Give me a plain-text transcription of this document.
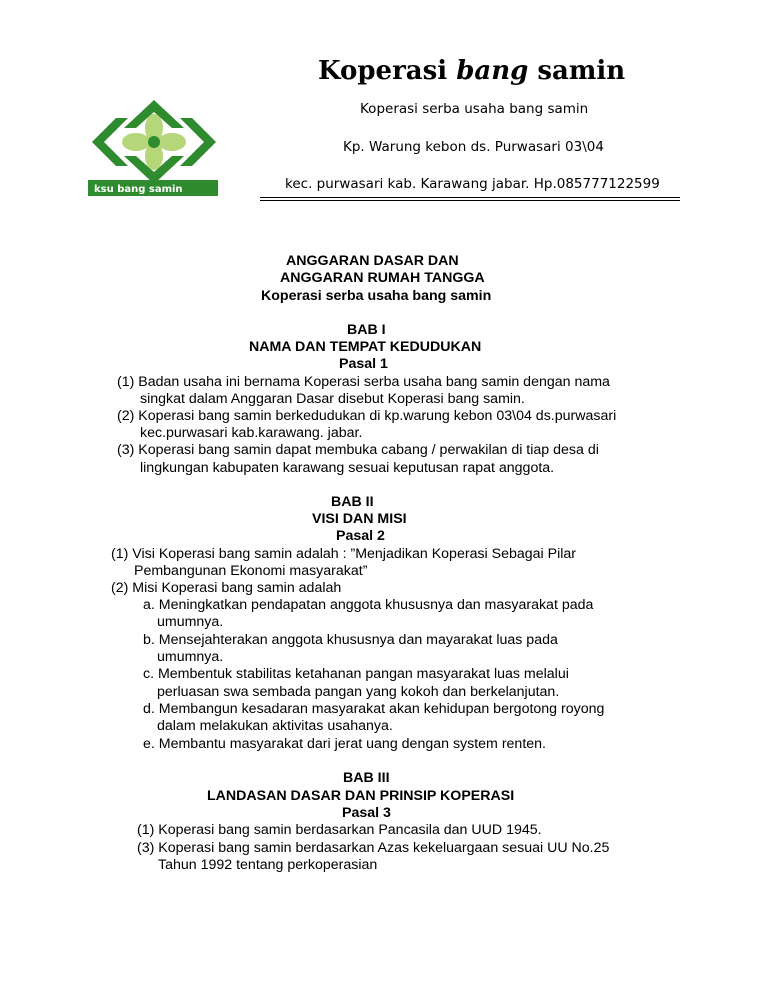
ksu bang samin
Koperasi bang samin
Koperasi serba usaha bang samin
Kp. Warung kebon ds. Purwasari 03\04
kec. purwasari kab. Karawang jabar. Hp.085777122599
ANGGARAN DASAR DAN
ANGGARAN RUMAH TANGGA
Koperasi serba usaha bang samin
BAB I
NAMA DAN TEMPAT KEDUDUKAN
Pasal 1
(1) Badan usaha ini bernama Koperasi serba usaha bang samin dengan nama
singkat dalam Anggaran Dasar disebut Koperasi bang samin.
(2) Koperasi bang samin berkedudukan di kp.warung kebon 03\04 ds.purwasari
kec.purwasari kab.karawang. jabar.
(3) Koperasi bang samin dapat membuka cabang / perwakilan di tiap desa di
lingkungan kabupaten karawang sesuai keputusan rapat anggota.
BAB II
VISI DAN MISI
Pasal 2
(1) Visi Koperasi bang samin adalah : ”Menjadikan Koperasi Sebagai Pilar
Pembangunan Ekonomi masyarakat”
(2) Misi Koperasi bang samin adalah
a. Meningkatkan pendapatan anggota khususnya dan masyarakat pada
umumnya.
b. Mensejahterakan anggota khususnya dan mayarakat luas pada
umumnya.
c. Membentuk stabilitas ketahanan pangan masyarakat luas melalui
perluasan swa sembada pangan yang kokoh dan berkelanjutan.
d. Membangun kesadaran masyarakat akan kehidupan bergotong royong
dalam melakukan aktivitas usahanya.
e. Membantu masyarakat dari jerat uang dengan system renten.
BAB III
LANDASAN DASAR DAN PRINSIP KOPERASI
Pasal 3
(1) Koperasi bang samin berdasarkan Pancasila dan UUD 1945.
(3) Koperasi bang samin berdasarkan Azas kekeluargaan sesuai UU No.25
Tahun 1992 tentang perkoperasian
